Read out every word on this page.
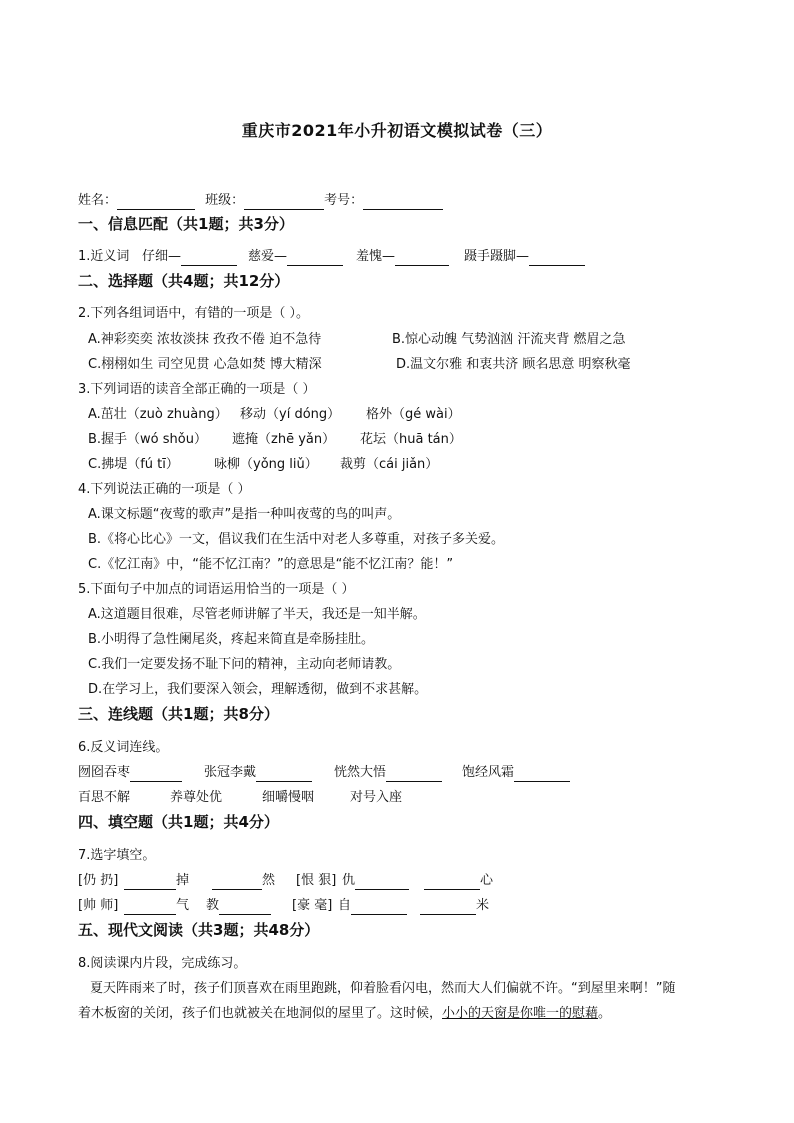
重庆市2021年小升初语文模拟试卷（三）
姓名：	班级：	考号：
一、信息匹配（共1题；共3分）
1.近义词 仔细—	慈爱—	羞愧—	蹑手蹑脚—
二、选择题（共4题；共12分）
2.下列各组词语中，有错的一项是（ ）。
A.神彩奕奕 浓妆淡抹 孜孜不倦 迫不急待	B.惊心动魄 气势汹汹 汗流夹背 燃眉之急
C.栩栩如生 司空见贯 心急如焚 博大精深	D.温文尔雅 和衷共济 顾名思意 明察秋毫
3.下列词语的读音全部正确的一项是（ ）
A.茁壮（zuò zhuàng） 移动（yí dóng） 格外（gé wài）
B.握手（wó shǒu） 遮掩（zhē yǎn） 花坛（huā tán）
C.拂堤（fú tī）	咏柳（yǒng liǔ） 裁剪（cái jiǎn）
4.下列说法正确的一项是（ ）
A.课文标题“夜莺的歌声”是指一种叫夜莺的鸟的叫声。
B.《将心比心》一文，倡议我们在生活中对老人多尊重，对孩子多关爱。
C.《忆江南》中，“能不忆江南？”的意思是“能不忆江南？能！”
5.下面句子中加点的词语运用恰当的一项是（ ）
A.这道题目很难，尽管老师讲解了半天，我还是一知半解。
B.小明得了急性阑尾炎，疼起来简直是牵肠挂肚。
C.我们一定要发扬不耻下问的精神，主动向老师请教。
D.在学习上，我们要深入领会，理解透彻，做到不求甚解。
三、连线题（共1题；共8分）
6.反义词连线。
囫囵吞枣	张冠李戴	恍然大悟	饱经风霜
百思不解	养尊处优	细嚼慢咽	对号入座
四、填空题（共1题；共4分）
7.选字填空。
[仍 扔]	掉	然 [恨 狠] 仇	心
[帅 师]	气 教	[豪 毫] 自	米
五、现代文阅读（共3题；共48分）
8.阅读课内片段，完成练习。
夏天阵雨来了时，孩子们顶喜欢在雨里跑跳，仰着脸看闪电，然而大人们偏就不许。“到屋里来啊！”随
着木板窗的关闭，孩子们也就被关在地洞似的屋里了。这时候，小小的天窗是你唯一的慰藉。
